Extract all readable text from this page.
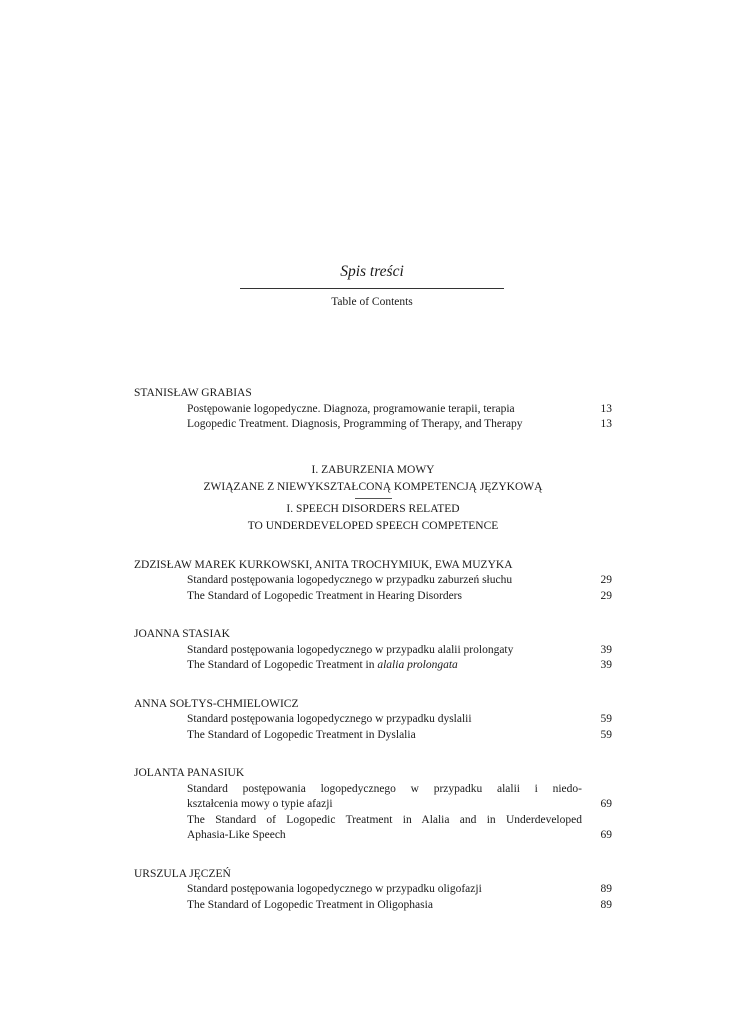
Spis treści
Table of Contents
STANISŁAW GRABIAS
Postępowanie logopedyczne. Diagnoza, programowanie terapii, terapia	13
Logopedic Treatment. Diagnosis, Programming of Therapy, and Therapy	13
I. ZABURZENIA MOWY
ZWIĄZANE Z NIEWYKSZTAŁCONĄ KOMPETENCJĄ JĘZYKOWĄ
I. SPEECH DISORDERS RELATED
TO UNDERDEVELOPED SPEECH COMPETENCE
ZDZISŁAW MAREK KURKOWSKI, ANITA TROCHYMIUK, EWA MUZYKA
Standard postępowania logopedycznego w przypadku zaburzeń słuchu	29
The Standard of Logopedic Treatment in Hearing Disorders	29
JOANNA STASIAK
Standard postępowania logopedycznego w przypadku alalii prolongaty	39
The Standard of Logopedic Treatment in alalia prolongata	39
ANNA SOŁTYS-CHMIELOWICZ
Standard postępowania logopedycznego w przypadku dyslalii	59
The Standard of Logopedic Treatment in Dyslalia	59
JOLANTA PANASIUK
Standard postępowania logopedycznego w przypadku alalii i niedo-
kształcenia mowy o typie afazji	69
The Standard of Logopedic Treatment in Alalia and in Underdeveloped
Aphasia-Like Speech	69
URSZULA JĘCZEŃ
Standard postępowania logopedycznego w przypadku oligofazji	89
The Standard of Logopedic Treatment in Oligophasia	89
